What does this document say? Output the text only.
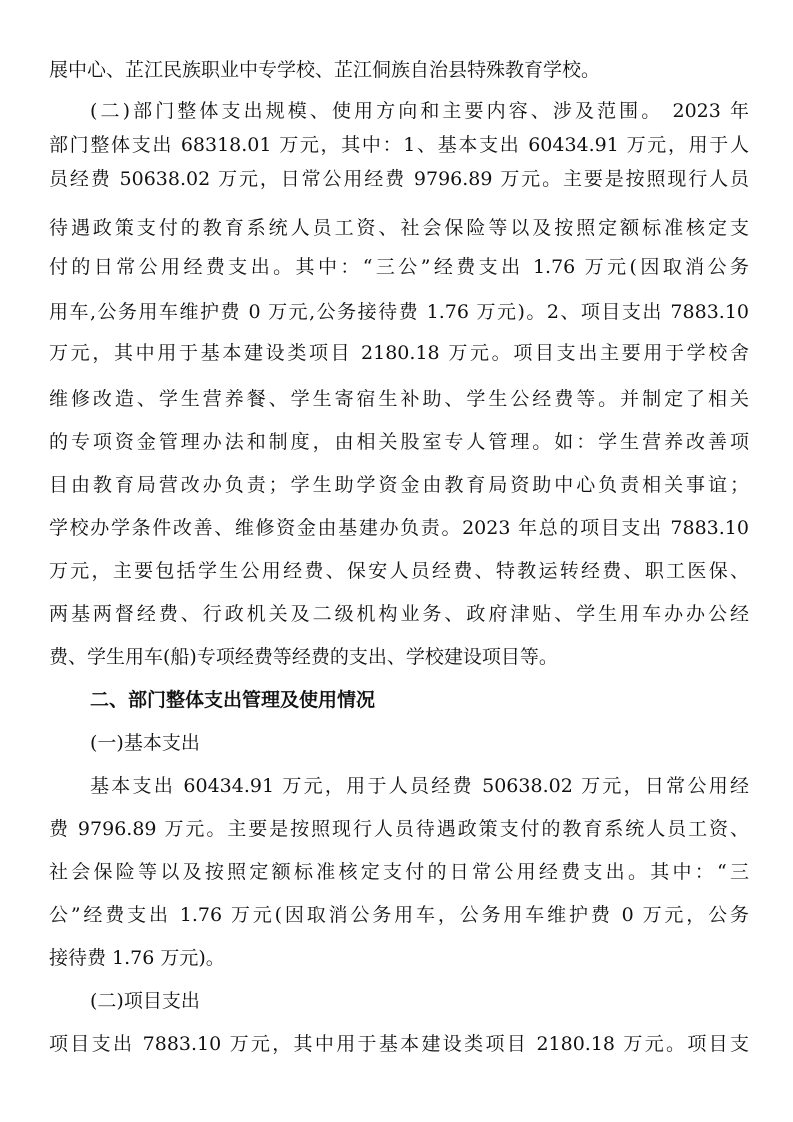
展中心、芷江民族职业中专学校、芷江侗族自治县特殊教育学校。
(二)部门整体支出规模、使用方向和主要内容、涉及范围。 2023 年
部门整体支出 68318.01 万元，其中：1、基本支出 60434.91 万元，用于人
员经费 50638.02 万元，日常公用经费 9796.89 万元。主要是按照现行人员
待遇政策支付的教育系统人员工资、社会保险等以及按照定额标准核定支
付的日常公用经费支出。其中：“三公”经费支出 1.76 万元(因取消公务
用车,公务用车维护费 0 万元,公务接待费 1.76 万元)。2、项目支出 7883.10
万元，其中用于基本建设类项目 2180.18 万元。项目支出主要用于学校舍
维修改造、学生营养餐、学生寄宿生补助、学生公经费等。并制定了相关
的专项资金管理办法和制度，由相关股室专人管理。如：学生营养改善项
目由教育局营改办负责；学生助学资金由教育局资助中心负责相关事谊；
学校办学条件改善、维修资金由基建办负责。2023 年总的项目支出 7883.10
万元，主要包括学生公用经费、保安人员经费、特教运转经费、职工医保、
两基两督经费、行政机关及二级机构业务、政府津贴、学生用车办办公经
费、学生用车(船)专项经费等经费的支出、学校建设项目等。
二、部门整体支出管理及使用情况
(一)基本支出
基本支出 60434.91 万元，用于人员经费 50638.02 万元，日常公用经
费 9796.89 万元。主要是按照现行人员待遇政策支付的教育系统人员工资、
社会保险等以及按照定额标准核定支付的日常公用经费支出。其中：“三
公”经费支出 1.76 万元(因取消公务用车，公务用车维护费 0 万元，公务
接待费 1.76 万元)。
(二)项目支出
项目支出 7883.10 万元，其中用于基本建设类项目 2180.18 万元。项目支
